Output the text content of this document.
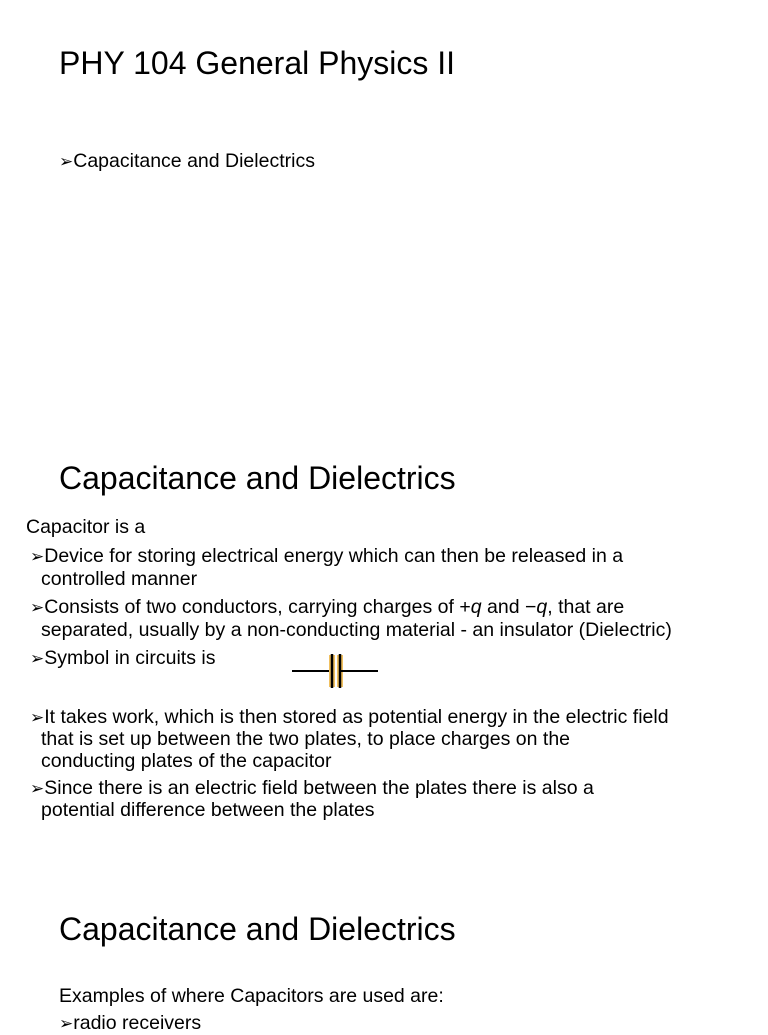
PHY 104 General Physics II
➢Capacitance and Dielectrics
Capacitance and Dielectrics
Capacitor is a
➢Device for storing electrical energy which can then be released in a
controlled manner
➢Consists of two conductors, carrying charges of +q and −q, that are
separated, usually by a non-conducting material - an insulator (Dielectric)
➢Symbol in circuits is
➢It takes work, which is then stored as potential energy in the electric field
that is set up between the two plates, to place charges on the
conducting plates of the capacitor
➢Since there is an electric field between the plates there is also a
potential difference between the plates
Capacitance and Dielectrics
Examples of where Capacitors are used are:
➢radio receivers
